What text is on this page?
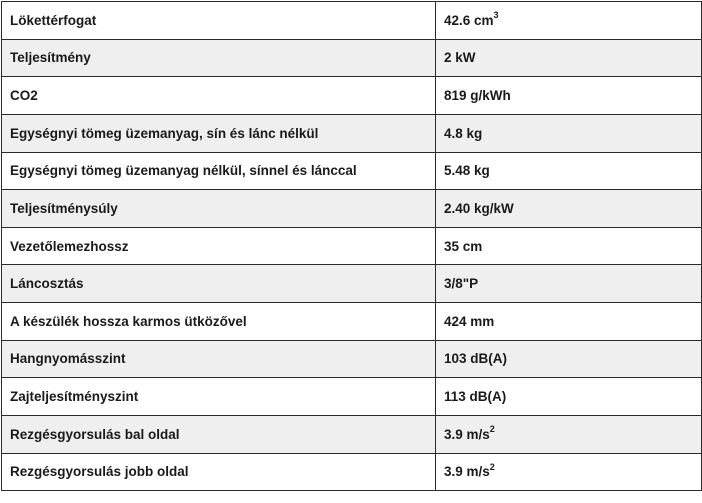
Lökettérfogat	42.6 $cm^3$
Teljesítmény	2 kW
CO2	819 g/kWh
Egységnyi tömeg üzemanyag, sín és lánc nélkül	4.8 kg
Egységnyi tömeg üzemanyag nélkül, sínnel és lánccal	5.48 kg
Teljesítménysúly	2.40 kg/kW
Vezetőlemezhossz	35 cm
Láncosztás	3/8"P
A készülék hossza karmos ütközővel	424 mm
Hangnyomásszint	103 dB(A)
Zajteljesítményszint	113 dB(A)
Rezgésgyorsulás bal oldal	3.9 $m/s^2$
Rezgésgyorsulás jobb oldal	3.9 $m/s^2$
